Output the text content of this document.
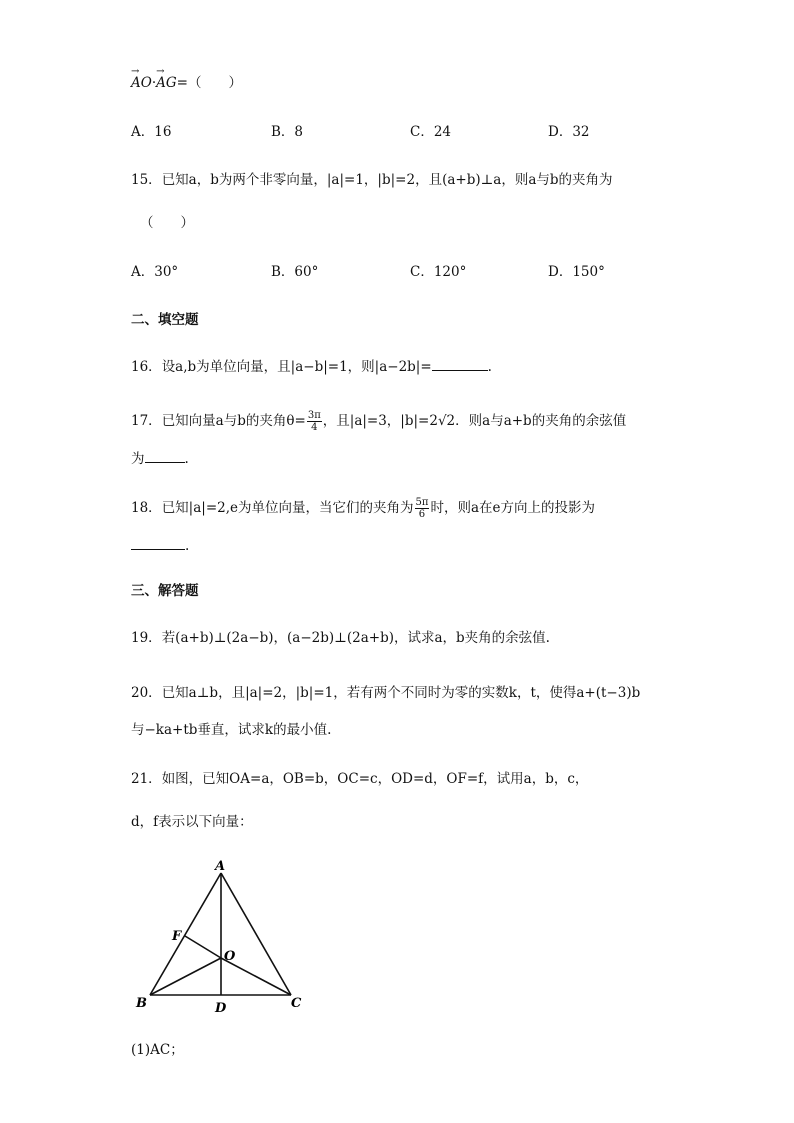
→ AO·→ AG=（　　）
A．16	B．8	C．24	D．32
15．已知a，b为两个非零向量，|a|=1，|b|=2，且(a+b)⊥a，则a与b的夹角为
（　　）
A．30°	B．60°	C．120°	D．150°
二、填空题
16．设a,b为单位向量，且|a−b|=1，则|a−2b|=	.
17．已知向量a与b的夹角$\theta= \frac{3\pi}{4}$ ，且|a|=3，|b|=2√2．则a与a+b的夹角的余弦值
为	.
18．已知|a|=2,e为单位向量，当它们的夹角为 $\frac{5\pi}{6}$ 时，则a在e方向上的投影为
.
三、解答题
19．若(a+b)⊥(2a−b)，(a−2b)⊥(2a+b)，试求a，b夹角的余弦值.
20．已知a⊥b，且|a|=2，|b|=1，若有两个不同时为零的实数k，t，使得a+(t−3)b
与−ka+tb垂直，试求k的最小值.
21．如图，已知OA=a，OB=b，OC=c，OD=d，OF=f，试用a，b，c，
d，f表示以下向量：
A
B	C
D
F
O
(1)AC；
